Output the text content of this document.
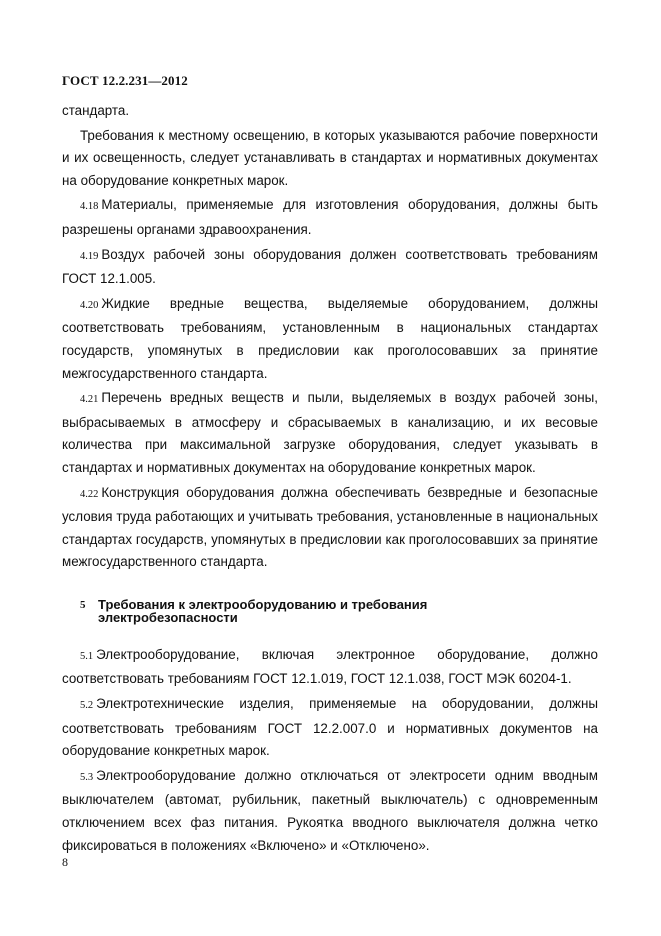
ГОСТ 12.2.231—2012

стандарта.

Требования к местному освещению, в которых указываются рабочие поверхности и их освещенность, следует устанавливать в стандартах и нормативных документах на оборудование конкретных марок.

4.18 Материалы, применяемые для изготовления оборудования, должны быть разрешены органами здравоохранения.

4.19 Воздух рабочей зоны оборудования должен соответствовать требованиям ГОСТ 12.1.005.

4.20 Жидкие вредные вещества, выделяемые оборудованием, должны соответствовать требованиям, установленным в национальных стандартах государств, упомянутых в предисловии как проголосовавших за принятие межгосударственного стандарта.

4.21 Перечень вредных веществ и пыли, выделяемых в воздух рабочей зоны, выбрасываемых в атмосферу и сбрасываемых в канализацию, и их весовые количества при максимальной загрузке оборудования, следует указывать в стандартах и нормативных документах на оборудование конкретных марок.

4.22 Конструкция оборудования должна обеспечивать безвредные и безопасные условия труда работающих и учитывать требования, установленные в национальных стандартах государств, упомянутых в предисловии как проголосовавших за принятие межгосударственного стандарта.

5 Требования к электрооборудованию и требования электробезопасности

5.1 Электрооборудование, включая электронное оборудование, должно соответствовать требованиям ГОСТ 12.1.019, ГОСТ 12.1.038, ГОСТ МЭК 60204-1.

5.2 Электротехнические изделия, применяемые на оборудовании, должны соответствовать требованиям ГОСТ 12.2.007.0 и нормативных документов на оборудование конкретных марок.

5.3 Электрооборудование должно отключаться от электросети одним вводным выключателем (автомат, рубильник, пакетный выключатель) с одновременным отключением всех фаз питания. Рукоятка вводного выключателя должна четко фиксироваться в положениях «Включено» и «Отключено».

8
